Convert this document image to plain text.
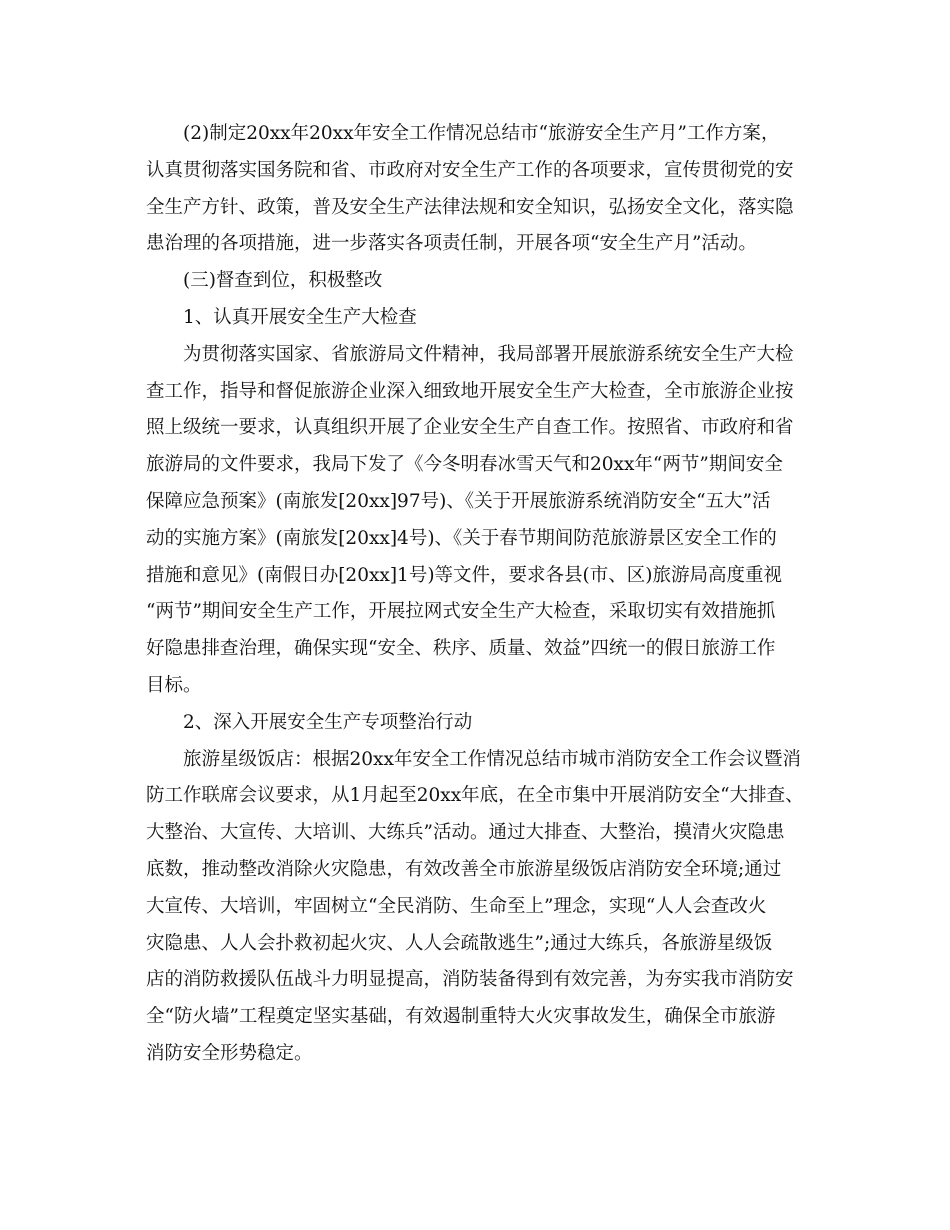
(2)制定20xx年20xx年安全工作情况总结市“旅游安全生产月”工作方案，
认真贯彻落实国务院和省、市政府对安全生产工作的各项要求，宣传贯彻党的安
全生产方针、政策，普及安全生产法律法规和安全知识，弘扬安全文化，落实隐
患治理的各项措施，进一步落实各项责任制，开展各项“安全生产月”活动。
(三)督查到位，积极整改
1、认真开展安全生产大检查
为贯彻落实国家、省旅游局文件精神，我局部署开展旅游系统安全生产大检
查工作，指导和督促旅游企业深入细致地开展安全生产大检查，全市旅游企业按
照上级统一要求，认真组织开展了企业安全生产自查工作。按照省、市政府和省
旅游局的文件要求，我局下发了《今冬明春冰雪天气和20xx年“两节”期间安全
保障应急预案》(南旅发[20xx]97号)、《关于开展旅游系统消防安全“五大”活
动的实施方案》(南旅发[20xx]4号)、《关于春节期间防范旅游景区安全工作的
措施和意见》(南假日办[20xx]1号)等文件，要求各县(市、区)旅游局高度重视
“两节”期间安全生产工作，开展拉网式安全生产大检查，采取切实有效措施抓
好隐患排查治理，确保实现“安全、秩序、质量、效益”四统一的假日旅游工作
目标。
2、深入开展安全生产专项整治行动
旅游星级饭店：根据20xx年安全工作情况总结市城市消防安全工作会议暨消
防工作联席会议要求，从1月起至20xx年底，在全市集中开展消防安全“大排查、
大整治、大宣传、大培训、大练兵”活动。通过大排查、大整治，摸清火灾隐患
底数，推动整改消除火灾隐患，有效改善全市旅游星级饭店消防安全环境;通过
大宣传、大培训，牢固树立“全民消防、生命至上”理念，实现“人人会查改火
灾隐患、人人会扑救初起火灾、人人会疏散逃生”;通过大练兵，各旅游星级饭
店的消防救援队伍战斗力明显提高，消防装备得到有效完善，为夯实我市消防安
全“防火墙”工程奠定坚实基础，有效遏制重特大火灾事故发生，确保全市旅游
消防安全形势稳定。
